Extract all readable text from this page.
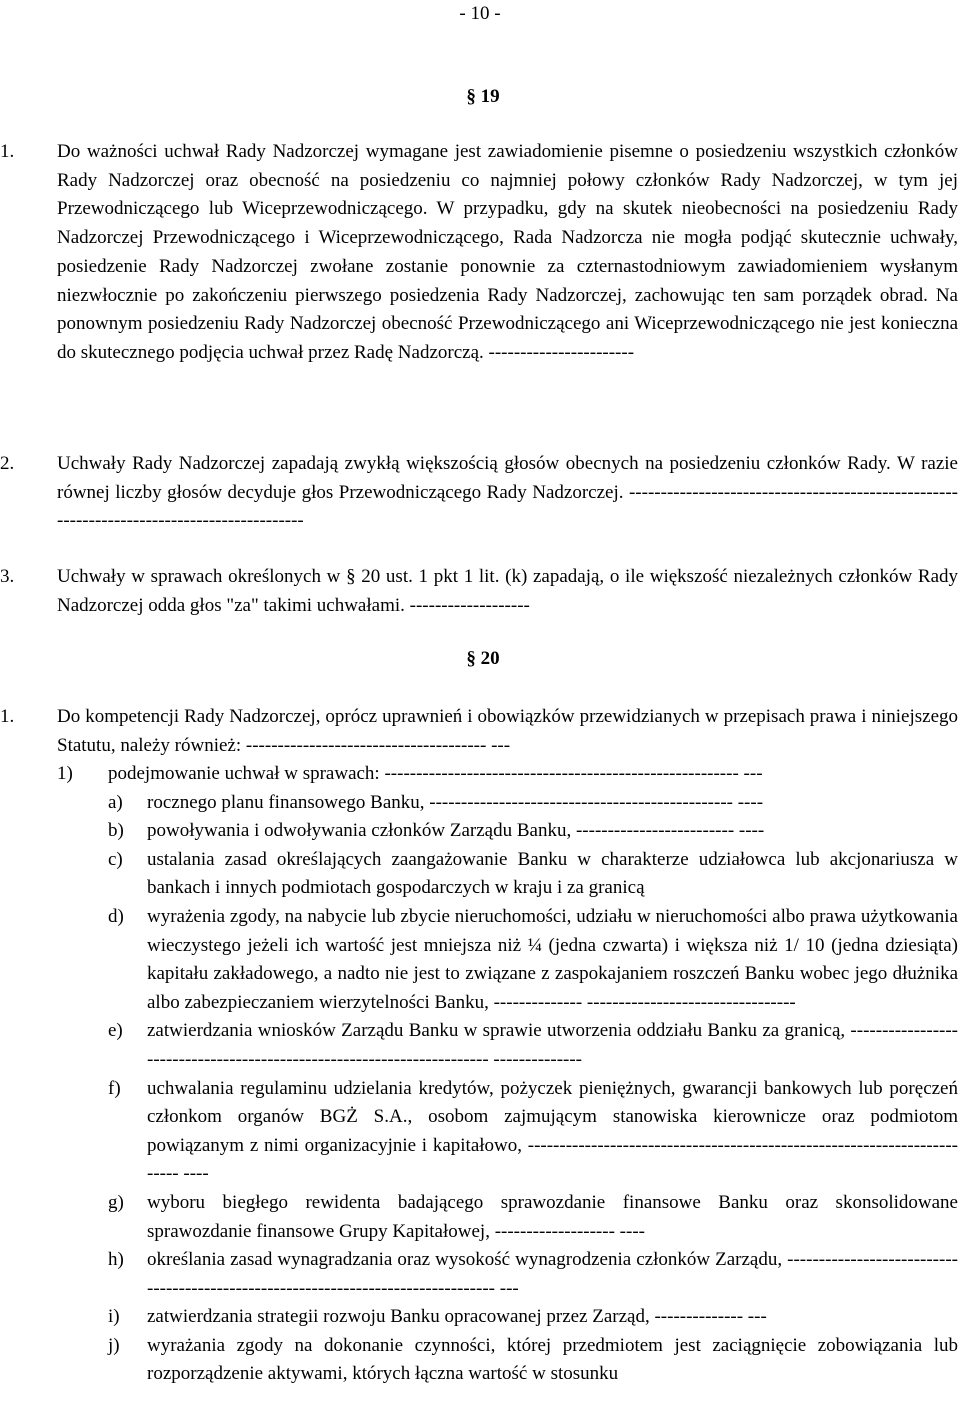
- 10 -
§ 19
1. Do ważności uchwał Rady Nadzorczej wymagane jest zawiadomienie pisemne o posiedzeniu wszystkich członków Rady Nadzorczej oraz obecność na posiedzeniu co najmniej połowy członków Rady Nadzorczej, w tym jej Przewodniczącego lub Wiceprzewodniczącego. W przypadku, gdy na skutek nieobecności na posiedzeniu Rady Nadzorczej Przewodniczącego i Wiceprzewodniczącego, Rada Nadzorcza nie mogła podjąć skutecznie uchwały, posiedzenie Rady Nadzorczej zwołane zostanie ponownie za czternastodniowym zawiadomieniem wysłanym niezwłocznie po zakończeniu pierwszego posiedzenia Rady Nadzorczej, zachowując ten sam porządek obrad. Na ponownym posiedzeniu Rady Nadzorczej obecność Przewodniczącego ani Wiceprzewodniczącego nie jest konieczna do skutecznego podjęcia uchwał przez Radę Nadzorczą. -----------------------
2. Uchwały Rady Nadzorczej zapadają zwykłą większością głosów obecnych na posiedzeniu członków Rady. W razie równej liczby głosów decyduje głos Przewodniczącego Rady Nadzorczej. -------------------------------------------------------------------------------------------
3. Uchwały w sprawach określonych w § 20 ust. 1 pkt 1 lit. (k) zapadają, o ile większość niezależnych członków Rady Nadzorczej odda głos "za" takimi uchwałami. -------------------
§ 20
1. Do kompetencji Rady Nadzorczej, oprócz uprawnień i obowiązków przewidzianych w przepisach prawa i niniejszego Statutu, należy również: -------------------------------------- ---
1) podejmowanie uchwał w sprawach: -------------------------------------------------------- ---
a) rocznego planu finansowego Banku, ------------------------------------------------ ----
b) powoływania i odwoływania członków Zarządu Banku, ------------------------- ----
c) ustalania zasad określających zaangażowanie Banku w charakterze udziałowca lub akcjonariusza w bankach i innych podmiotach gospodarczych w kraju i za granicą
d) wyrażenia zgody, na nabycie lub zbycie nieruchomości, udziału w nieruchomości albo prawa użytkowania wieczystego jeżeli ich wartość jest mniejsza niż ¼ (jedna czwarta) i większa niż 1/ 10 (jedna dziesiąta) kapitału zakładowego, a nadto nie jest to związane z zaspokajaniem roszczeń Banku wobec jego dłużnika albo zabezpieczaniem wierzytelności Banku, -------------- ---------------------------------
e) zatwierdzania wniosków Zarządu Banku w sprawie utworzenia oddziału Banku za granicą, ----------------------------------------------------------------------- --------------
f) uchwalania regulaminu udzielania kredytów, pożyczek pieniężnych, gwarancji bankowych lub poręczeń członkom organów BGŻ S.A., osobom zajmującym stanowiska kierownicze oraz podmiotom powiązanym z nimi organizacyjnie i kapitałowo, ------------------------------------------------------------------------- ----
g) wyboru biegłego rewidenta badającego sprawozdanie finansowe Banku oraz skonsolidowane sprawozdanie finansowe Grupy Kapitałowej, ------------------- ----
h) określania zasad wynagradzania oraz wysokość wynagrodzenia członków Zarządu, ---------------------------------------------------------------------------------- ---
i) zatwierdzania strategii rozwoju Banku opracowanej przez Zarząd, -------------- ---
j) wyrażania zgody na dokonanie czynności, której przedmiotem jest zaciągnięcie zobowiązania lub rozporządzenie aktywami, których łączna wartość w stosunku
